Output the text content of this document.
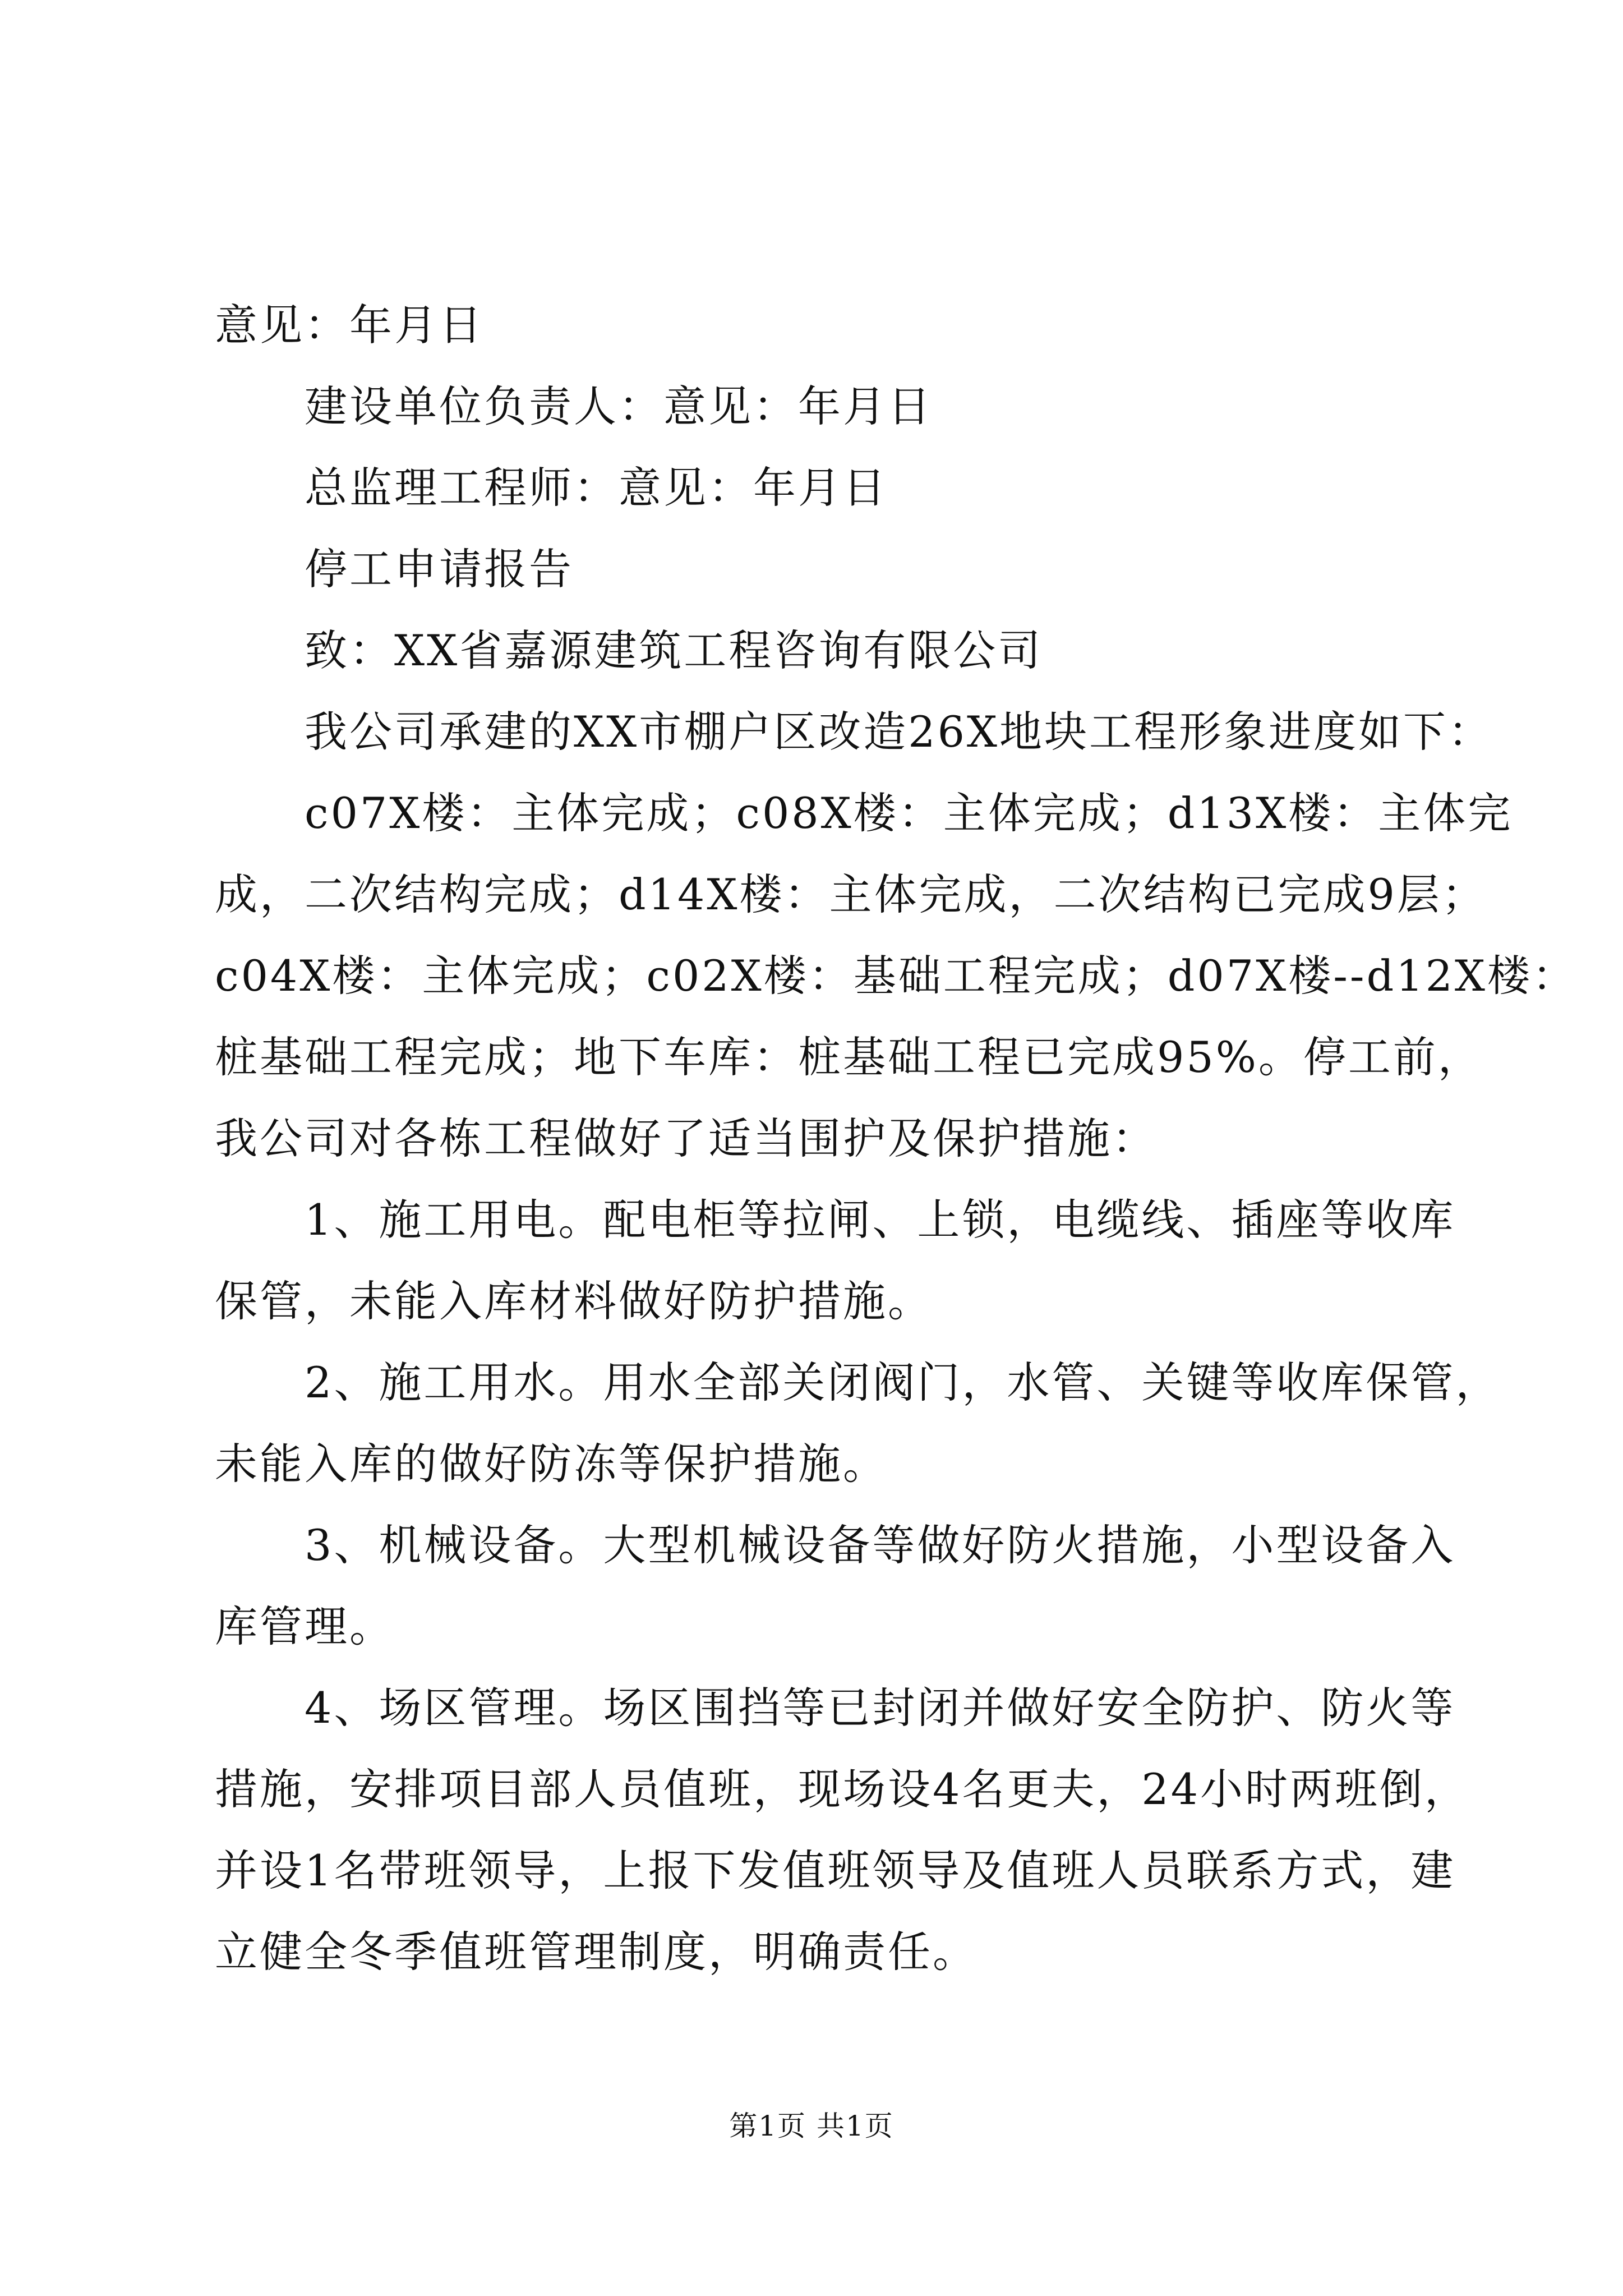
意见：年月日
建设单位负责人：意见：年月日
总监理工程师：意见：年月日
停工申请报告
致：XX省嘉源建筑工程咨询有限公司
我公司承建的XX市棚户区改造26X地块工程形象进度如下：
c07X楼：主体完成；c08X楼：主体完成；d13X楼：主体完
成，二次结构完成；d14X楼：主体完成，二次结构已完成9层；
c04X楼：主体完成；c02X楼：基础工程完成；d07X楼--d12X楼：
桩基础工程完成；地下车库：桩基础工程已完成95%。停工前，
我公司对各栋工程做好了适当围护及保护措施：
1、施工用电。配电柜等拉闸、上锁，电缆线、插座等收库
保管，未能入库材料做好防护措施。
2、施工用水。用水全部关闭阀门，水管、关键等收库保管，
未能入库的做好防冻等保护措施。
3、机械设备。大型机械设备等做好防火措施，小型设备入
库管理。
4、场区管理。场区围挡等已封闭并做好安全防护、防火等
措施，安排项目部人员值班，现场设4名更夫，24小时两班倒，
并设1名带班领导，上报下发值班领导及值班人员联系方式，建
立健全冬季值班管理制度，明确责任。
第1页 共1页
